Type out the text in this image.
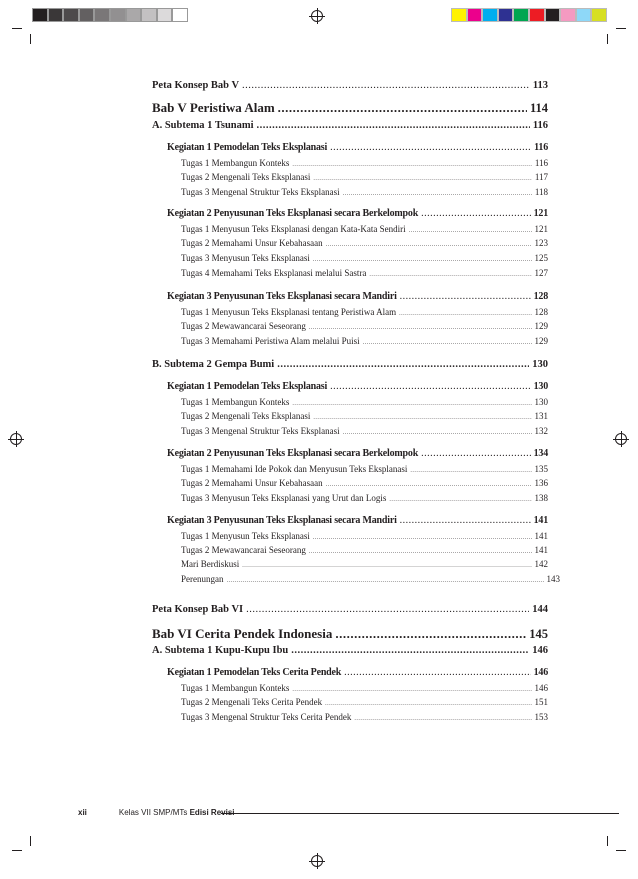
Peta Konsep Bab V .....	113
Bab V Peristiwa Alam .....	114
A. Subtema 1 Tsunami .....	116
Kegiatan 1 Pemodelan Teks Eksplanasi .....	116
Tugas 1 Membangun Konteks .....	116
Tugas 2 Mengenali Teks Eksplanasi .....	117
Tugas 3 Mengenal Struktur Teks Eksplanasi .....	118
Kegiatan 2 Penyusunan Teks Eksplanasi secara Berkelompok .....	121
Tugas 1 Menyusun Teks Eksplanasi dengan Kata-Kata Sendiri .....	121
Tugas 2 Memahami Unsur Kebahasaan .....	123
Tugas 3 Menyusun Teks Eksplanasi .....	125
Tugas 4 Memahami Teks Eksplanasi melalui Sastra .....	127
Kegiatan 3 Penyusunan Teks Eksplanasi secara Mandiri .....	128
Tugas 1 Menyusun Teks Eksplanasi tentang Peristiwa Alam .....	128
Tugas 2 Mewawancarai Seseorang .....	129
Tugas 3 Memahami Peristiwa Alam melalui Puisi .....	129
B. Subtema 2 Gempa Bumi .....	130
Kegiatan 1 Pemodelan Teks Eksplanasi .....	130
Tugas 1 Membangun Konteks .....	130
Tugas 2 Mengenali Teks Eksplanasi .....	131
Tugas 3 Mengenal Struktur Teks Eksplanasi .....	132
Kegiatan 2 Penyusunan Teks Eksplanasi secara Berkelompok .....	134
Tugas 1 Memahami Ide Pokok dan Menyusun Teks Eksplanasi .....	135
Tugas 2 Memahami Unsur Kebahasaan .....	136
Tugas 3 Menyusun Teks Eksplanasi yang Urut dan Logis .....	138
Kegiatan 3 Penyusunan Teks Eksplanasi secara Mandiri .....	141
Tugas 1 Menyusun Teks Eksplanasi .....	141
Tugas 2 Mewawancarai Seseorang .....	141
Mari Berdiskusi .....	142
Perenungan .....	143
Peta Konsep Bab VI .....	144
Bab VI Cerita Pendek Indonesia .....	145
A. Subtema 1 Kupu-Kupu Ibu .....	146
Kegiatan 1 Pemodelan Teks Cerita Pendek .....	146
Tugas 1 Membangun Konteks .....	146
Tugas 2 Mengenali Teks Cerita Pendek .....	151
Tugas 3 Mengenal Struktur Teks Cerita Pendek .....	153
xii	Kelas VII SMP/MTs Edisi Revisi
